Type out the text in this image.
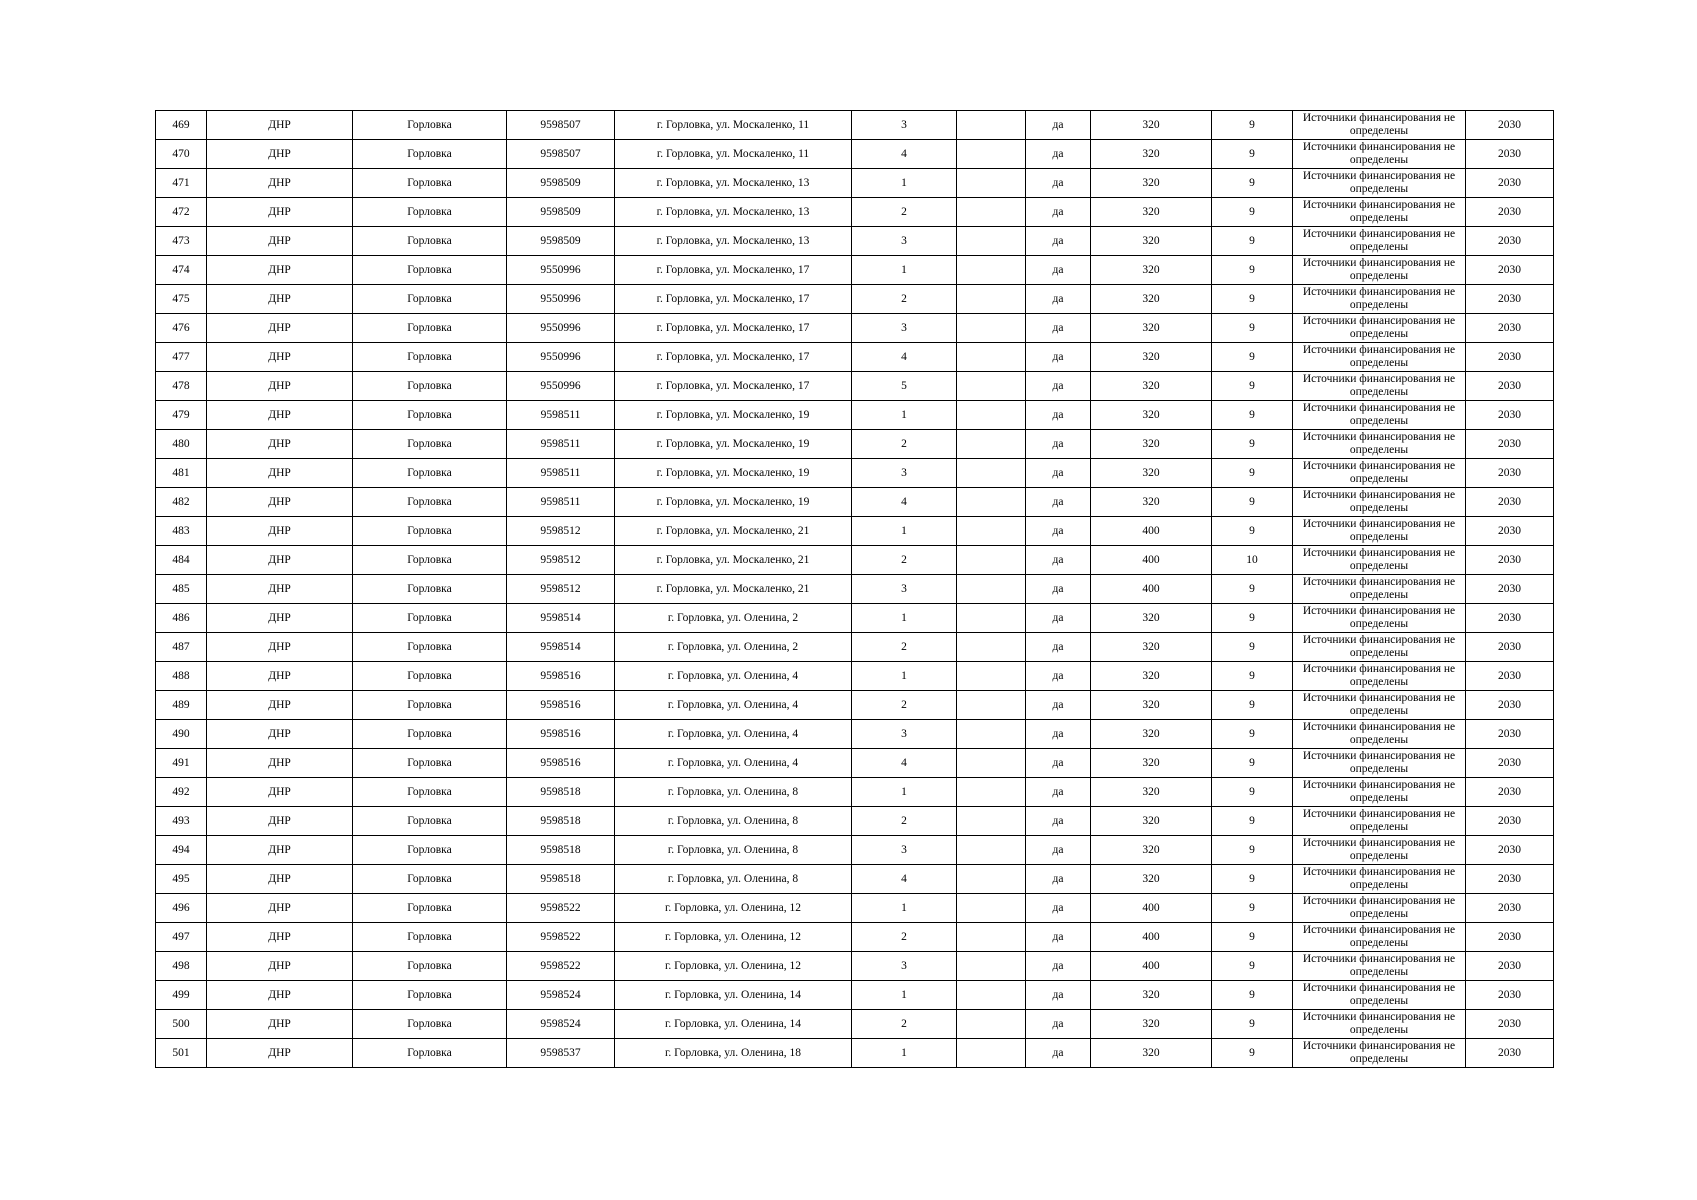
469	ДНР	Горловка	9598507	г. Горловка, ул. Москаленко, 11	3		да	320	9	Источники финансирования не определены	2030
470	ДНР	Горловка	9598507	г. Горловка, ул. Москаленко, 11	4		да	320	9	Источники финансирования не определены	2030
471	ДНР	Горловка	9598509	г. Горловка, ул. Москаленко, 13	1		да	320	9	Источники финансирования не определены	2030
472	ДНР	Горловка	9598509	г. Горловка, ул. Москаленко, 13	2		да	320	9	Источники финансирования не определены	2030
473	ДНР	Горловка	9598509	г. Горловка, ул. Москаленко, 13	3		да	320	9	Источники финансирования не определены	2030
474	ДНР	Горловка	9550996	г. Горловка, ул. Москаленко, 17	1		да	320	9	Источники финансирования не определены	2030
475	ДНР	Горловка	9550996	г. Горловка, ул. Москаленко, 17	2		да	320	9	Источники финансирования не определены	2030
476	ДНР	Горловка	9550996	г. Горловка, ул. Москаленко, 17	3		да	320	9	Источники финансирования не определены	2030
477	ДНР	Горловка	9550996	г. Горловка, ул. Москаленко, 17	4		да	320	9	Источники финансирования не определены	2030
478	ДНР	Горловка	9550996	г. Горловка, ул. Москаленко, 17	5		да	320	9	Источники финансирования не определены	2030
479	ДНР	Горловка	9598511	г. Горловка, ул. Москаленко, 19	1		да	320	9	Источники финансирования не определены	2030
480	ДНР	Горловка	9598511	г. Горловка, ул. Москаленко, 19	2		да	320	9	Источники финансирования не определены	2030
481	ДНР	Горловка	9598511	г. Горловка, ул. Москаленко, 19	3		да	320	9	Источники финансирования не определены	2030
482	ДНР	Горловка	9598511	г. Горловка, ул. Москаленко, 19	4		да	320	9	Источники финансирования не определены	2030
483	ДНР	Горловка	9598512	г. Горловка, ул. Москаленко, 21	1		да	400	9	Источники финансирования не определены	2030
484	ДНР	Горловка	9598512	г. Горловка, ул. Москаленко, 21	2		да	400	10	Источники финансирования не определены	2030
485	ДНР	Горловка	9598512	г. Горловка, ул. Москаленко, 21	3		да	400	9	Источники финансирования не определены	2030
486	ДНР	Горловка	9598514	г. Горловка, ул. Оленина, 2	1		да	320	9	Источники финансирования не определены	2030
487	ДНР	Горловка	9598514	г. Горловка, ул. Оленина, 2	2		да	320	9	Источники финансирования не определены	2030
488	ДНР	Горловка	9598516	г. Горловка, ул. Оленина, 4	1		да	320	9	Источники финансирования не определены	2030
489	ДНР	Горловка	9598516	г. Горловка, ул. Оленина, 4	2		да	320	9	Источники финансирования не определены	2030
490	ДНР	Горловка	9598516	г. Горловка, ул. Оленина, 4	3		да	320	9	Источники финансирования не определены	2030
491	ДНР	Горловка	9598516	г. Горловка, ул. Оленина, 4	4		да	320	9	Источники финансирования не определены	2030
492	ДНР	Горловка	9598518	г. Горловка, ул. Оленина, 8	1		да	320	9	Источники финансирования не определены	2030
493	ДНР	Горловка	9598518	г. Горловка, ул. Оленина, 8	2		да	320	9	Источники финансирования не определены	2030
494	ДНР	Горловка	9598518	г. Горловка, ул. Оленина, 8	3		да	320	9	Источники финансирования не определены	2030
495	ДНР	Горловка	9598518	г. Горловка, ул. Оленина, 8	4		да	320	9	Источники финансирования не определены	2030
496	ДНР	Горловка	9598522	г. Горловка, ул. Оленина, 12	1		да	400	9	Источники финансирования не определены	2030
497	ДНР	Горловка	9598522	г. Горловка, ул. Оленина, 12	2		да	400	9	Источники финансирования не определены	2030
498	ДНР	Горловка	9598522	г. Горловка, ул. Оленина, 12	3		да	400	9	Источники финансирования не определены	2030
499	ДНР	Горловка	9598524	г. Горловка, ул. Оленина, 14	1		да	320	9	Источники финансирования не определены	2030
500	ДНР	Горловка	9598524	г. Горловка, ул. Оленина, 14	2		да	320	9	Источники финансирования не определены	2030
501	ДНР	Горловка	9598537	г. Горловка, ул. Оленина, 18	1		да	320	9	Источники финансирования не определены	2030
